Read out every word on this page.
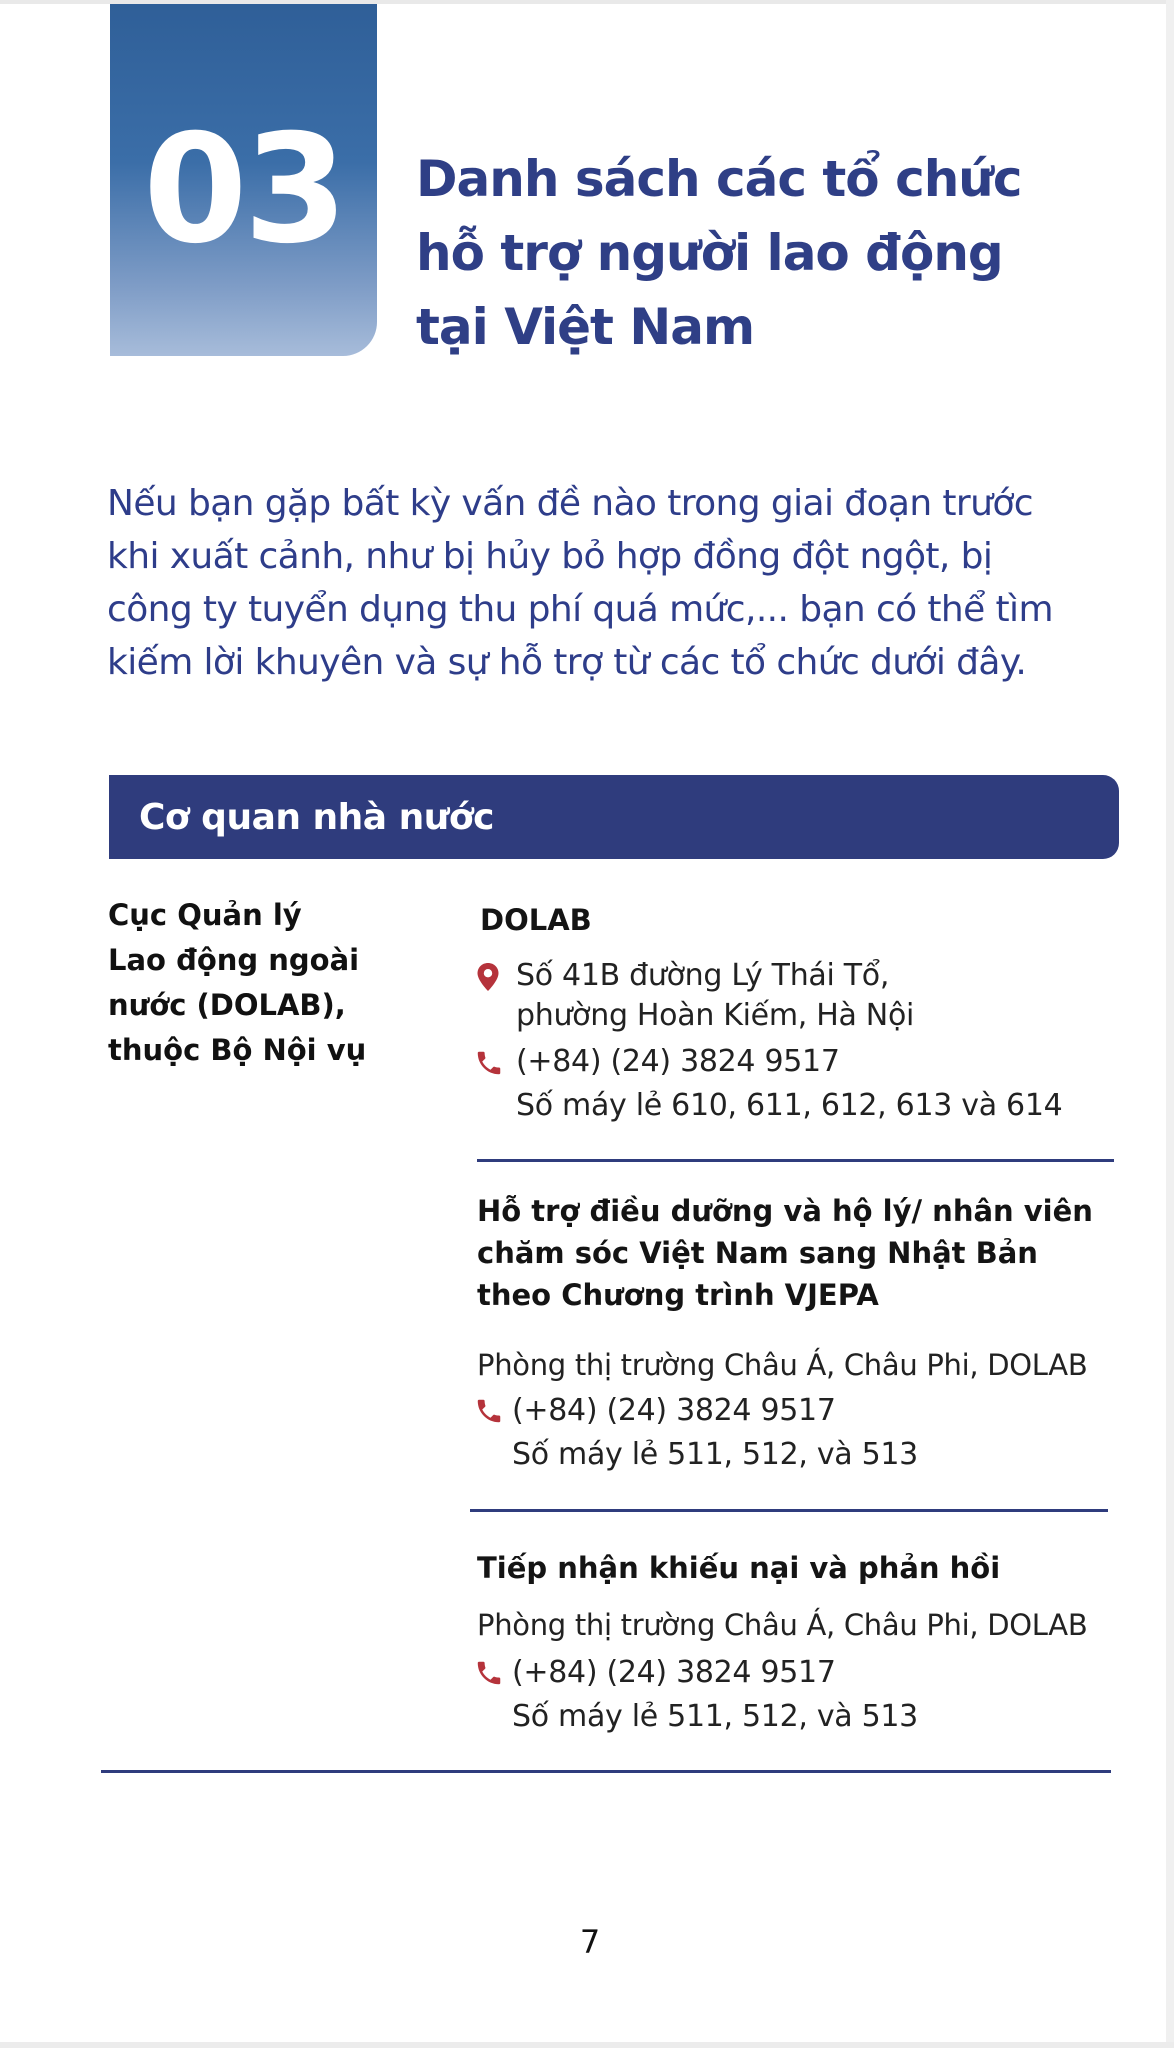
03 Danh sách các tổ chức
hỗ trợ người lao động
tại Việt Nam

Nếu bạn gặp bất kỳ vấn đề nào trong giai đoạn trước
khi xuất cảnh, như bị hủy bỏ hợp đồng đột ngột, bị
công ty tuyển dụng thu phí quá mức,... bạn có thể tìm
kiếm lời khuyên và sự hỗ trợ từ các tổ chức dưới đây.

Cơ quan nhà nước

Cục Quản lý
Lao động ngoài
nước (DOLAB),
thuộc Bộ Nội vụ

DOLAB

Số 41B đường Lý Thái Tổ,
phường Hoàn Kiếm, Hà Nội

(+84) (24) 3824 9517

Số máy lẻ 610, 611, 612, 613 và 614

Hỗ trợ điều dưỡng và hộ lý/ nhân viên
chăm sóc Việt Nam sang Nhật Bản
theo Chương trình VJEPA

Phòng thị trường Châu Á, Châu Phi, DOLAB

(+84) (24) 3824 9517

Số máy lẻ 511, 512, và 513

Tiếp nhận khiếu nại và phản hồi

Phòng thị trường Châu Á, Châu Phi, DOLAB

(+84) (24) 3824 9517

Số máy lẻ 511, 512, và 513

7
